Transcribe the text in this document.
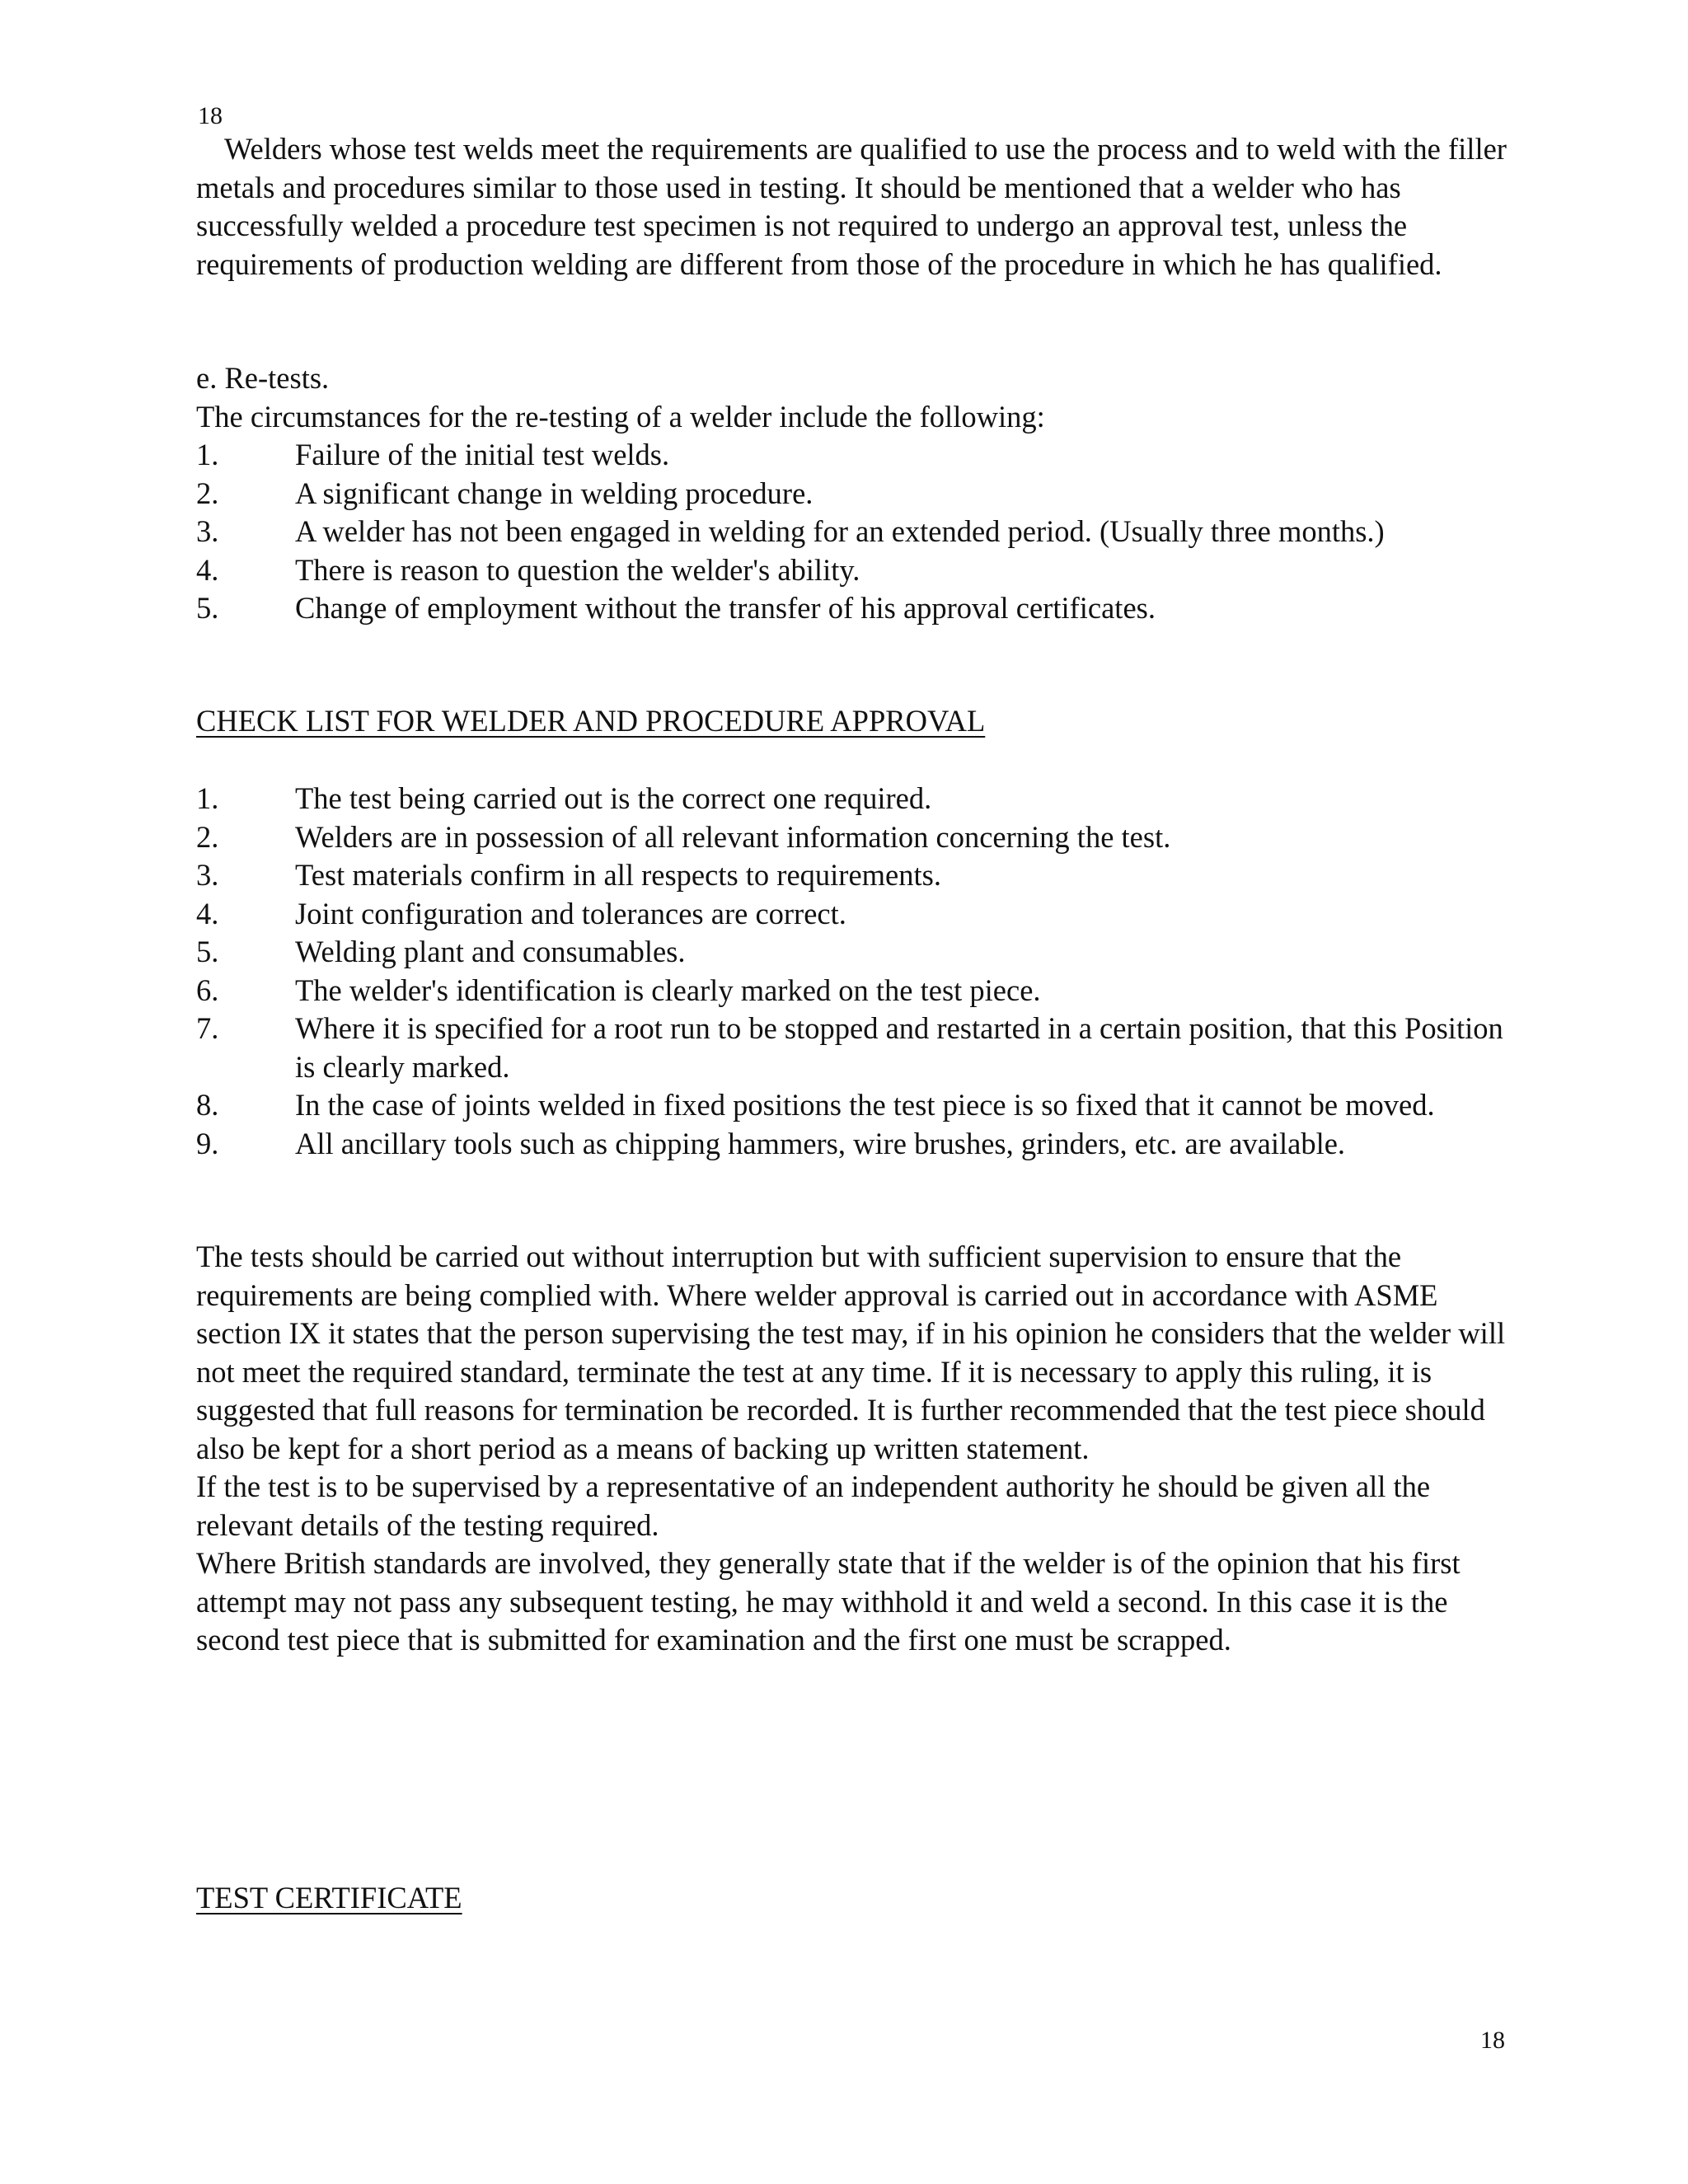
18

Welders whose test welds meet the requirements are qualified to use the process and to weld with the filler metals and procedures similar to those used in testing. It should be mentioned that a welder who has successfully welded a procedure test specimen is not required to undergo an approval test, unless the requirements of production welding are different from those of the procedure in which he has qualified.

e. Re-tests.

The circumstances for the re-testing of a welder include the following:

1.	Failure of the initial test welds.
2.	A significant change in welding procedure.
3.	A welder has not been engaged in welding for an extended period. (Usually three months.)
4.	There is reason to question the welder's ability.
5.	Change of employment without the transfer of his approval certificates.

CHECK LIST FOR WELDER AND PROCEDURE APPROVAL

1.	The test being carried out is the correct one required.
2.	Welders are in possession of all relevant information concerning the test.
3.	Test materials confirm in all respects to requirements.
4.	Joint configuration and tolerances are correct.
5.	Welding plant and consumables.
6.	The welder's identification is clearly marked on the test piece.
7.	Where it is specified for a root run to be stopped and restarted in a certain position, that this Position is clearly marked.
8.	In the case of joints welded in fixed positions the test piece is so fixed that it cannot be moved.
9.	All ancillary tools such as chipping hammers, wire brushes, grinders, etc. are available.

The tests should be carried out without interruption but with sufficient supervision to ensure that the requirements are being complied with. Where welder approval is carried out in accordance with ASME section IX it states that the person supervising the test may, if in his opinion he considers that the welder will not meet the required standard, terminate the test at any time. If it is necessary to apply this ruling, it is suggested that full reasons for termination be recorded. It is further recommended that the test piece should also be kept for a short period as a means of backing up written statement.

If the test is to be supervised by a representative of an independent authority he should be given all the relevant details of the testing required.

Where British standards are involved, they generally state that if the welder is of the opinion that his first attempt may not pass any subsequent testing, he may withhold it and weld a second. In this case it is the second test piece that is submitted for examination and the first one must be scrapped.

TEST CERTIFICATE

18
